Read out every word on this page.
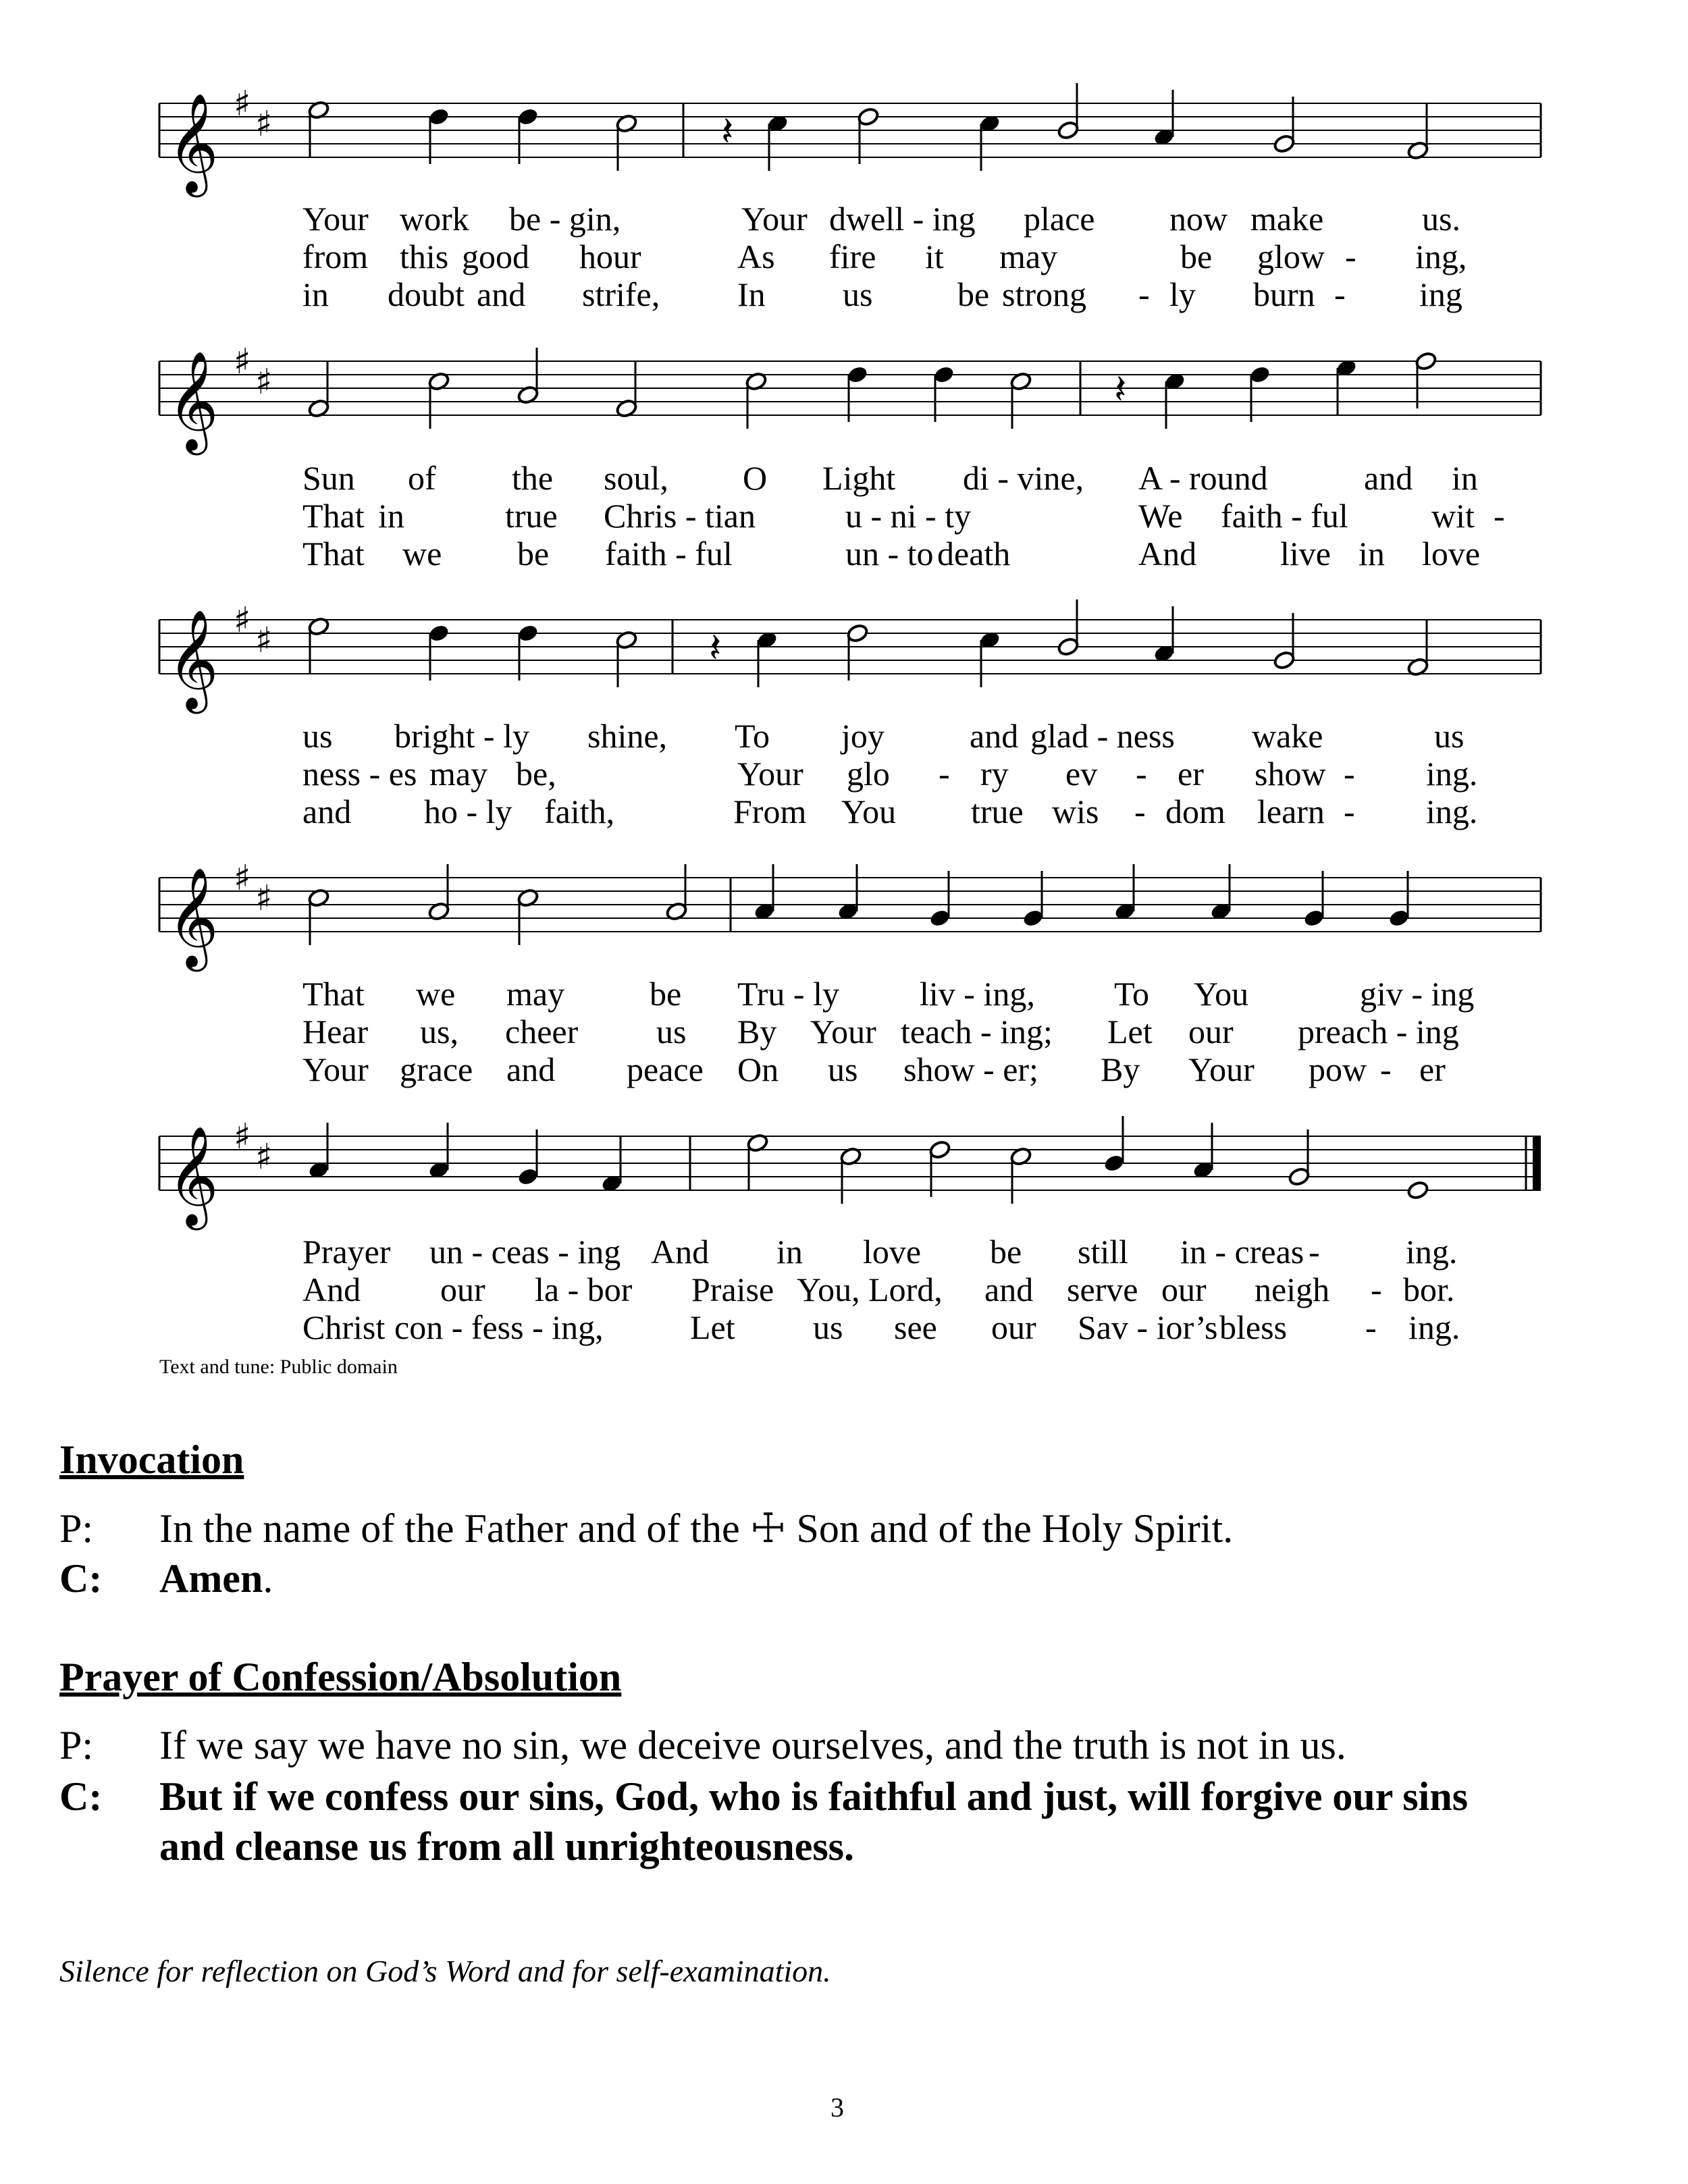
𝄞 ♯ ♯	𝄽
Your work be - gin,	Your dwell - ing place now make	us.
from this good hour	As fire it may	be glow - ing,
in doubt and strife, In us	be strong - ly burn - ing
𝄞 ♯ ♯	𝄽
Sun of the soul, O Light di - vine, A - round	and in
That in	true Chris - tian	u - ni - ty	We faith - ful wit -
That we be faith - ful	un - to death	And live in love
𝄞 ♯ ♯	𝄽
us bright - ly shine, To joy	and glad - ness wake	us
ness - es may be,	Your glo - ry ev - er show - ing.
and ho - ly faith,	From You true wis - dom learn - ing.
𝄞 ♯ ♯
That we may	be Tru - ly liv - ing, To You	giv - ing
Hear us, cheer us By Your teach - ing; Let our preach - ing
Your grace and peace On us show - er; By Your pow - er
𝄞 ♯ ♯
Prayer un - ceas - ing And in love be still in - creas -	ing.
And our la - bor Praise You, Lord, and serve our neigh - bor.
Christ con - fess - ing,	Let us see our Sav - ior’s bless - ing.
Text and tune: Public domain
Invocation
P: In the name of the Father and of the ☩ Son and of the Holy Spirit.
C: Amen.
Prayer of Confession/Absolution
P: If we say we have no sin, we deceive ourselves, and the truth is not in us.
C: But if we confess our sins, God, who is faithful and just, will forgive our sins
and cleanse us from all unrighteousness.
Silence for reflection on God’s Word and for self-examination.
3
